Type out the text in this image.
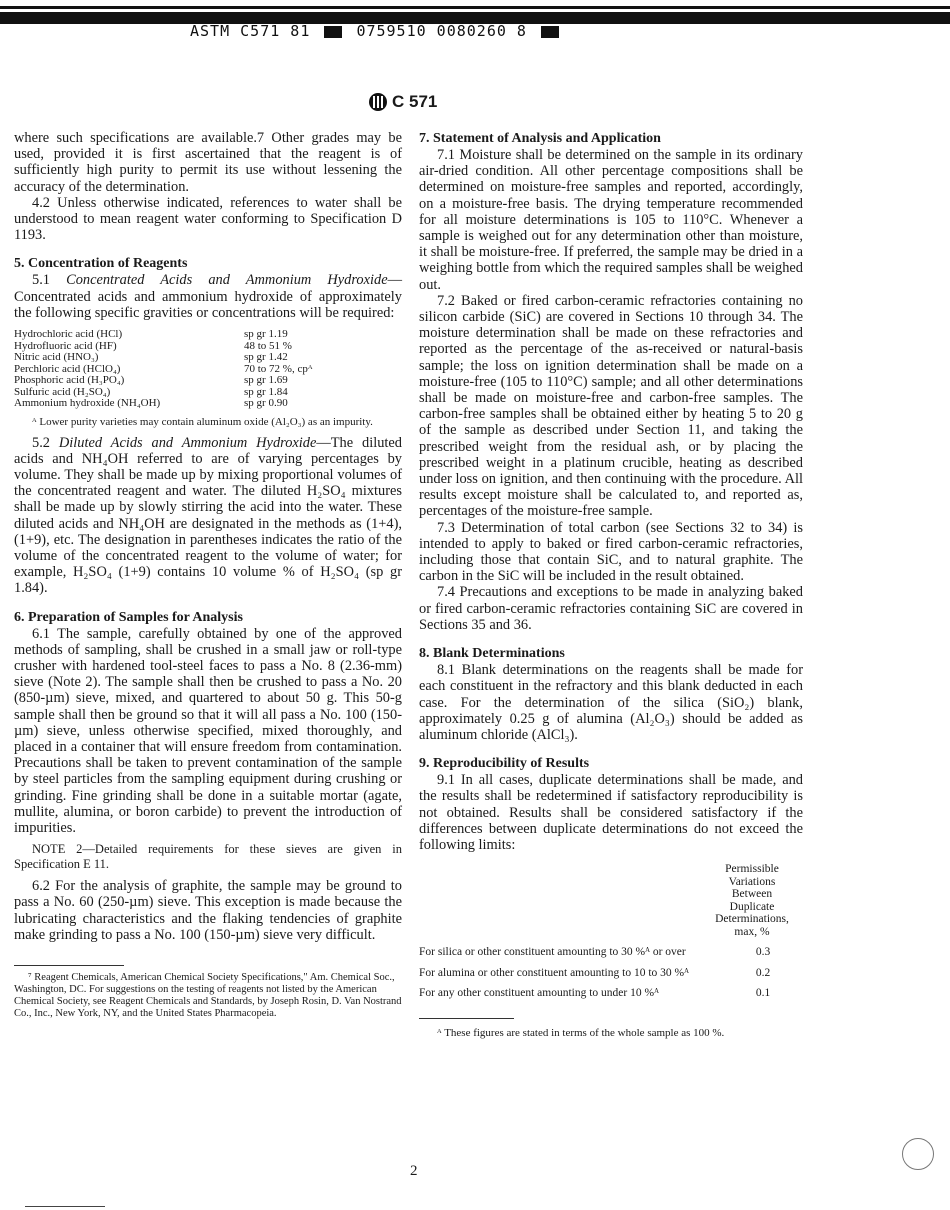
ASTM C571 81	0759510 0080260 8
C 571

where such specifications are available.7 Other grades may be used, provided it is first ascertained that the reagent is of sufficiently high purity to permit its use without lessening the accuracy of the determination.

4.2 Unless otherwise indicated, references to water shall be understood to mean reagent water conforming to Specification D 1193.

5. Concentration of Reagents

5.1 Concentrated Acids and Ammonium Hydroxide—Concentrated acids and ammonium hydroxide of approximately the following specific gravities or concentrations will be required:

Hydrochloric acid (HCl)	sp gr 1.19
Hydrofluoric acid (HF)	48 to 51 %
Nitric acid (HNO₃)	sp gr 1.42
Perchloric acid (HClO₄)	70 to 72 %, cpᴬ
Phosphoric acid (H₃PO₄)	sp gr 1.69
Sulfuric acid (H₂SO₄)	sp gr 1.84
Ammonium hydroxide (NH₄OH)	sp gr 0.90

ᴬ Lower purity varieties may contain aluminum oxide (Al₂O₃) as an impurity.

5.2 Diluted Acids and Ammonium Hydroxide—The diluted acids and NH₄OH referred to are of varying percentages by volume. They shall be made up by mixing proportional volumes of the concentrated reagent and water. The diluted H₂SO₄ mixtures shall be made up by slowly stirring the acid into the water. These diluted acids and NH₄OH are designated in the methods as (1+4), (1+9), etc. The designation in parentheses indicates the ratio of the volume of the concentrated reagent to the volume of water; for example, H₂SO₄ (1+9) contains 10 volume % of H₂SO₄ (sp gr 1.84).

6. Preparation of Samples for Analysis

6.1 The sample, carefully obtained by one of the approved methods of sampling, shall be crushed in a small jaw or roll-type crusher with hardened tool-steel faces to pass a No. 8 (2.36-mm) sieve (Note 2). The sample shall then be crushed to pass a No. 20 (850-µm) sieve, mixed, and quartered to about 50 g. This 50-g sample shall then be ground so that it will all pass a No. 100 (150-µm) sieve, unless otherwise specified, mixed thoroughly, and placed in a container that will ensure freedom from contamination. Precautions shall be taken to prevent contamination of the sample by steel particles from the sampling equipment during crushing or grinding. Fine grinding shall be done in a suitable mortar (agate, mullite, alumina, or boron carbide) to prevent the introduction of impurities.

NOTE 2—Detailed requirements for these sieves are given in Specification E 11.

6.2 For the analysis of graphite, the sample may be ground to pass a No. 60 (250-µm) sieve. This exception is made because the lubricating characteristics and the flaking tendencies of graphite make grinding to pass a No. 100 (150-µm) sieve very difficult.

⁷ Reagent Chemicals, American Chemical Society Specifications," Am. Chemical Soc., Washington, DC. For suggestions on the testing of reagents not listed by the American Chemical Society, see Reagent Chemicals and Standards, by Joseph Rosin, D. Van Nostrand Co., Inc., New York, NY, and the United States Pharmacopeia.

7. Statement of Analysis and Application

7.1 Moisture shall be determined on the sample in its ordinary air-dried condition. All other percentage compositions shall be determined on moisture-free samples and reported, accordingly, on a moisture-free basis. The drying temperature recommended for all moisture determinations is 105 to 110°C. Whenever a sample is weighed out for any determination other than moisture, it shall be moisture-free. If preferred, the sample may be dried in a weighing bottle from which the required samples shall be weighed out.

7.2 Baked or fired carbon-ceramic refractories containing no silicon carbide (SiC) are covered in Sections 10 through 34. The moisture determination shall be made on these refractories and reported as the percentage of the as-received or natural-basis sample; the loss on ignition determination shall be made on a moisture-free (105 to 110°C) sample; and all other determinations shall be made on moisture-free and carbon-free samples. The carbon-free samples shall be obtained either by heating 5 to 20 g of the sample as described under Section 11, and taking the prescribed weight from the residual ash, or by placing the prescribed weight in a platinum crucible, heating as described under loss on ignition, and then continuing with the procedure. All results except moisture shall be calculated to, and reported as, percentages of the moisture-free sample.

7.3 Determination of total carbon (see Sections 32 to 34) is intended to apply to baked or fired carbon-ceramic refractories, including those that contain SiC, and to natural graphite. The carbon in the SiC will be included in the result obtained.

7.4 Precautions and exceptions to be made in analyzing baked or fired carbon-ceramic refractories containing SiC are covered in Sections 35 and 36.

8. Blank Determinations

8.1 Blank determinations on the reagents shall be made for each constituent in the refractory and this blank deducted in each case. For the determination of the silica (SiO₂) blank, approximately 0.25 g of alumina (Al₂O₃) should be added as aluminum chloride (AlCl₃).

9. Reproducibility of Results

9.1 In all cases, duplicate determinations shall be made, and the results shall be redetermined if satisfactory reproducibility is not obtained. Results shall be considered satisfactory if the differences between duplicate determinations do not exceed the following limits:

Permissible Variations Between Duplicate Determinations, max, %
For silica or other constituent amounting to 30 %ᴬ or over	0.3
For alumina or other constituent amounting to 10 to 30 %ᴬ	0.2
For any other constituent amounting to under 10 %ᴬ	0.1

ᴬ These figures are stated in terms of the whole sample as 100 %.

2
